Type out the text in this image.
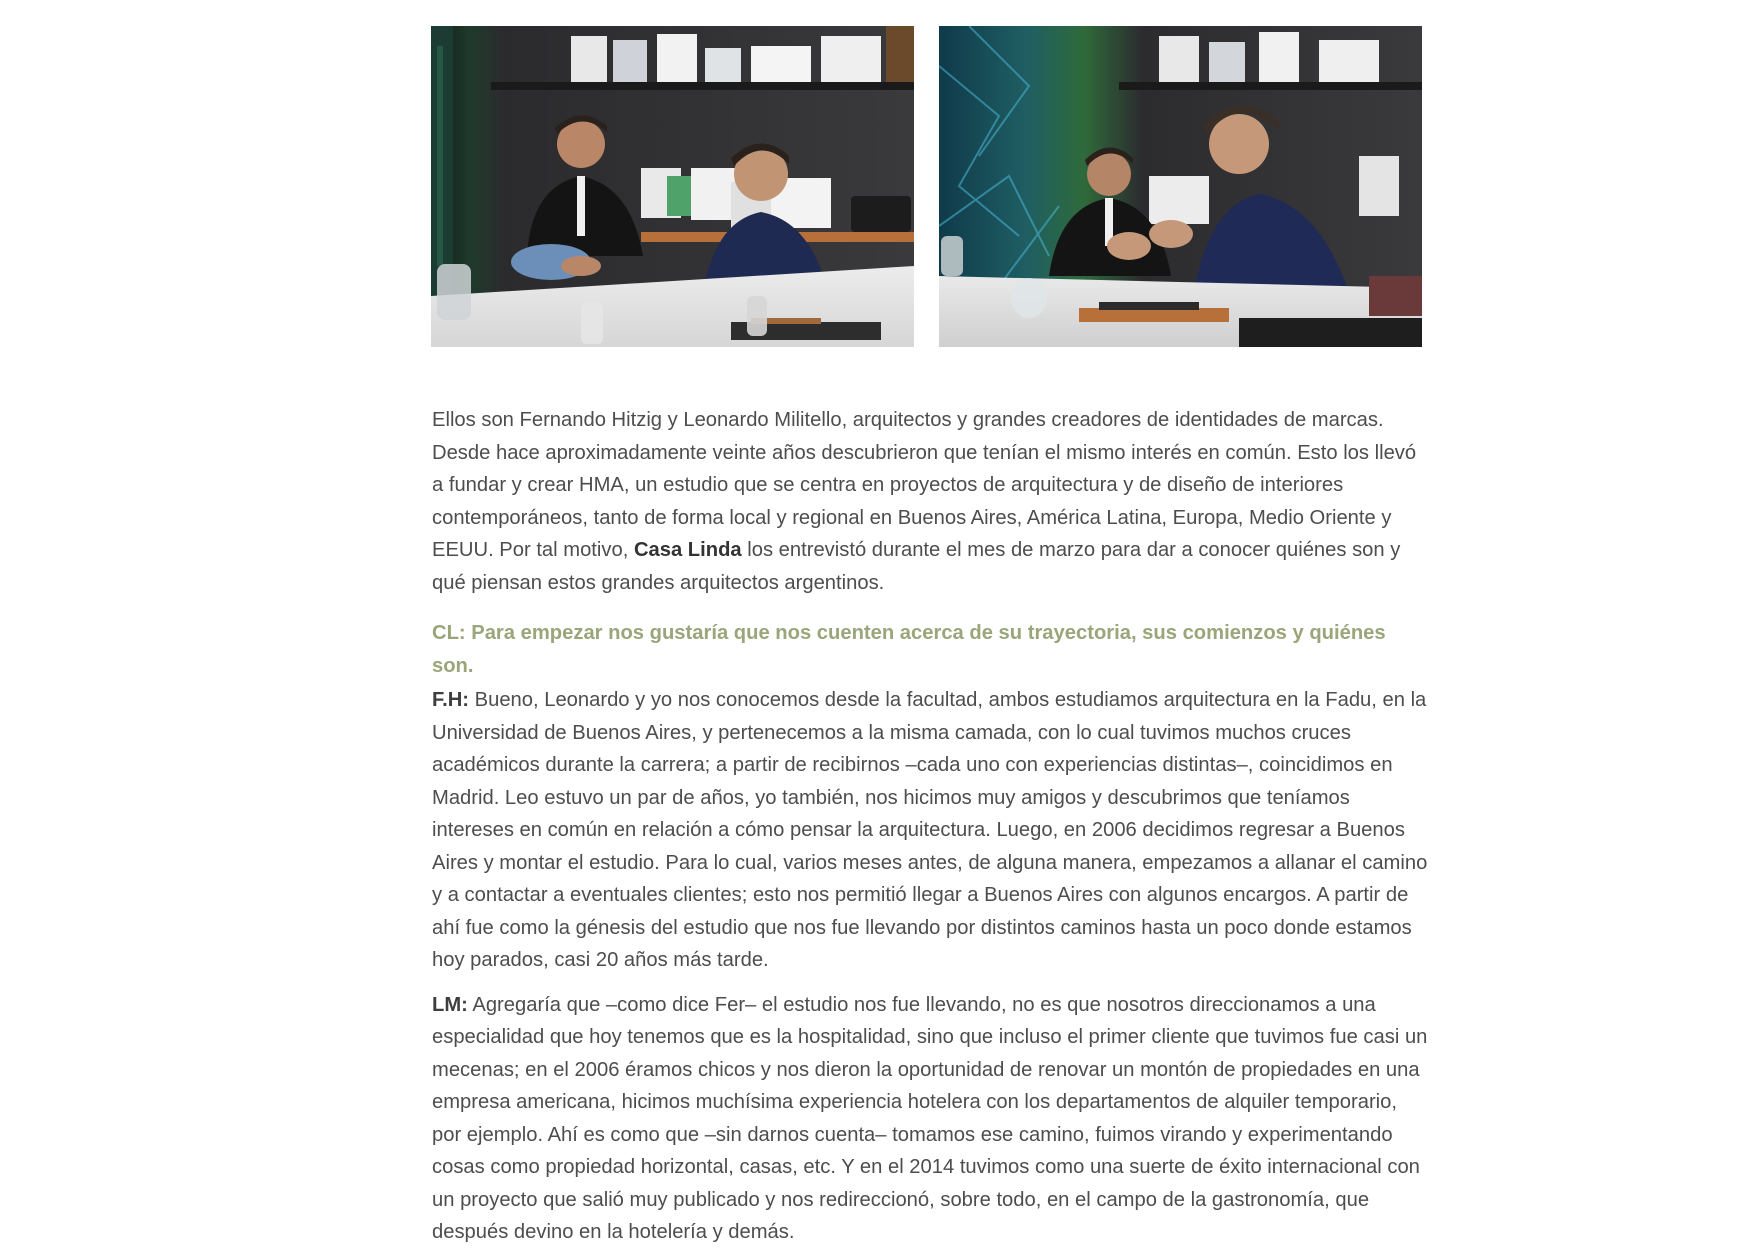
Ellos son Fernando Hitzig y Leonardo Militello, arquitectos y grandes creadores de identidades de marcas. Desde hace aproximadamente veinte años descubrieron que tenían el mismo interés en común. Esto los llevó a fundar y crear HMA, un estudio que se centra en proyectos de arquitectura y de diseño de interiores contemporáneos, tanto de forma local y regional en Buenos Aires, América Latina, Europa, Medio Oriente y EEUU. Por tal motivo, Casa Linda los entrevistó durante el mes de marzo para dar a conocer quiénes son y qué piensan estos grandes arquitectos argentinos.

CL: Para empezar nos gustaría que nos cuenten acerca de su trayectoria, sus comienzos y quiénes son.

F.H: Bueno, Leonardo y yo nos conocemos desde la facultad, ambos estudiamos arquitectura en la Fadu, en la Universidad de Buenos Aires, y pertenecemos a la misma camada, con lo cual tuvimos muchos cruces académicos durante la carrera; a partir de recibirnos –cada uno con experiencias distintas–, coincidimos en Madrid. Leo estuvo un par de años, yo también, nos hicimos muy amigos y descubrimos que teníamos intereses en común en relación a cómo pensar la arquitectura. Luego, en 2006 decidimos regresar a Buenos Aires y montar el estudio. Para lo cual, varios meses antes, de alguna manera, empezamos a allanar el camino y a contactar a eventuales clientes; esto nos permitió llegar a Buenos Aires con algunos encargos. A partir de ahí fue como la génesis del estudio que nos fue llevando por distintos caminos hasta un poco donde estamos hoy parados, casi 20 años más tarde.

LM: Agregaría que –como dice Fer– el estudio nos fue llevando, no es que nosotros direccionamos a una especialidad que hoy tenemos que es la hospitalidad, sino que incluso el primer cliente que tuvimos fue casi un mecenas; en el 2006 éramos chicos y nos dieron la oportunidad de renovar un montón de propiedades en una empresa americana, hicimos muchísima experiencia hotelera con los departamentos de alquiler temporario, por ejemplo. Ahí es como que –sin darnos cuenta– tomamos ese camino, fuimos virando y experimentando cosas como propiedad horizontal, casas, etc. Y en el 2014 tuvimos como una suerte de éxito internacional con un proyecto que salió muy publicado y nos redireccionó, sobre todo, en el campo de la gastronomía, que después devino en la hotelería y demás.
